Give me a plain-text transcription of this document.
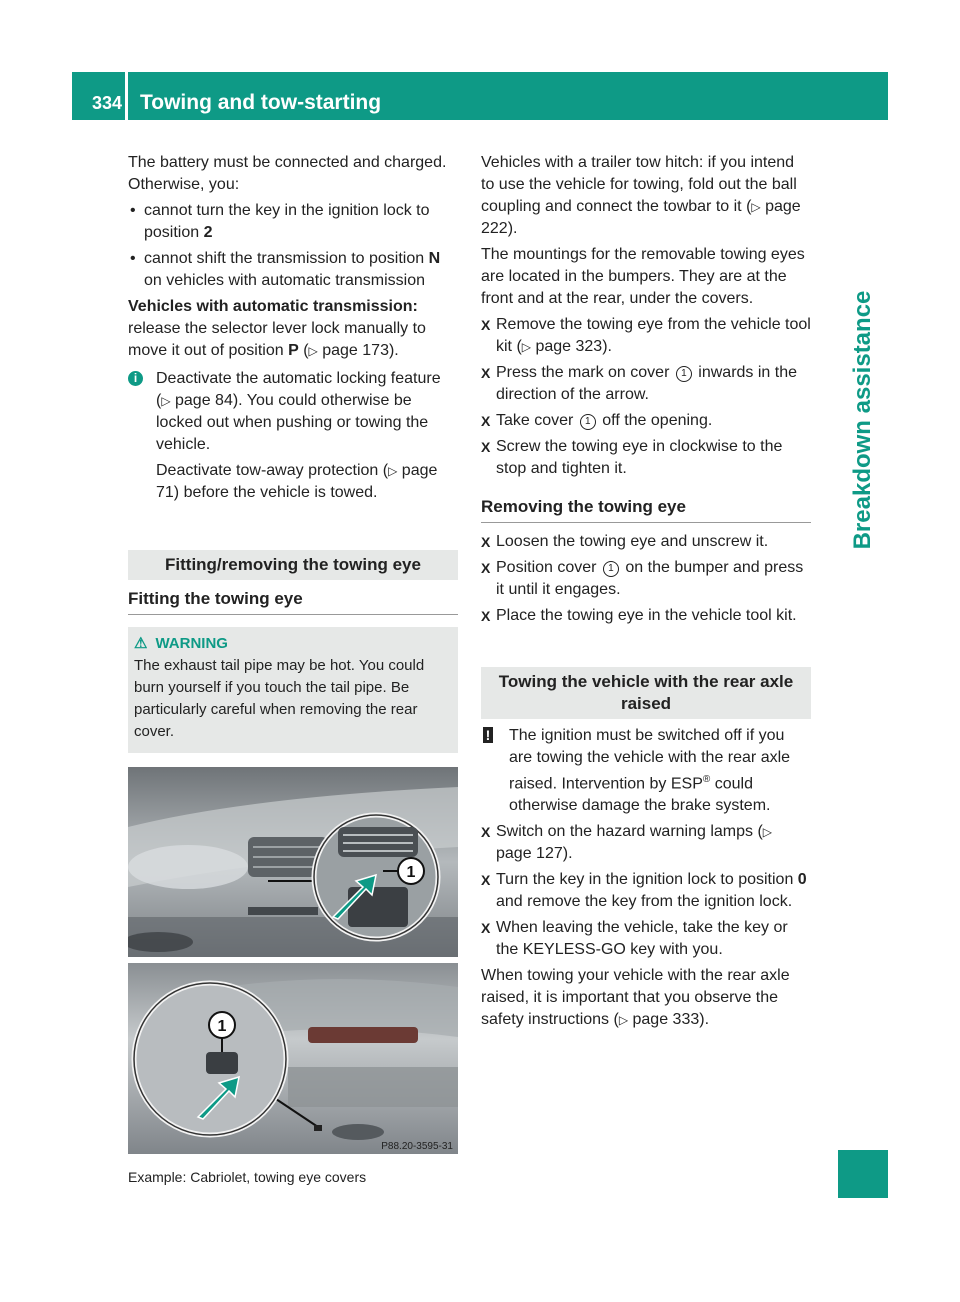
334 Towing and tow-starting
Breakdown assistance

The battery must be connected and charged. Otherwise, you:

• cannot turn the key in the ignition lock to position 2
• cannot shift the transmission to position N on vehicles with automatic transmission

Vehicles with automatic transmission:
release the selector lever lock manually to move it out of position P (▷ page 173).

i	Deactivate the automatic locking feature (▷ page 84). You could otherwise be locked out when pushing or towing the vehicle.
Deactivate tow-away protection (▷ page 71) before the vehicle is towed.
Fitting/removing the towing eye
Fitting the towing eye
⚠ WARNING
The exhaust tail pipe may be hot. You could burn yourself if you touch the tail pipe. Be particularly careful when removing the rear cover.
1
1
P88.20-3595-31
Example: Cabriolet, towing eye covers

Vehicles with a trailer tow hitch: if you intend to use the vehicle for towing, fold out the ball coupling and connect the towbar to it (▷ page 222).

The mountings for the removable towing eyes are located in the bumpers. They are at the front and at the rear, under the covers.

X Remove the towing eye from the vehicle tool kit (▷ page 323).
X Press the mark on cover 1 inwards in the direction of the arrow.
X Take cover 1 off the opening.
X Screw the towing eye in clockwise to the stop and tighten it.
Removing the towing eye
X Loosen the towing eye and unscrew it.
X Position cover 1 on the bumper and press it until it engages.
X Place the towing eye in the vehicle tool kit.
Towing the vehicle with the rear axle raised
! The ignition must be switched off if you are towing the vehicle with the rear axle raised. Intervention by ESP® could otherwise damage the brake system.
X Switch on the hazard warning lamps (▷ page 127).
X Turn the key in the ignition lock to position 0 and remove the key from the ignition lock.
X When leaving the vehicle, take the key or the KEYLESS-GO key with you.

When towing your vehicle with the rear axle raised, it is important that you observe the safety instructions (▷ page 333).
